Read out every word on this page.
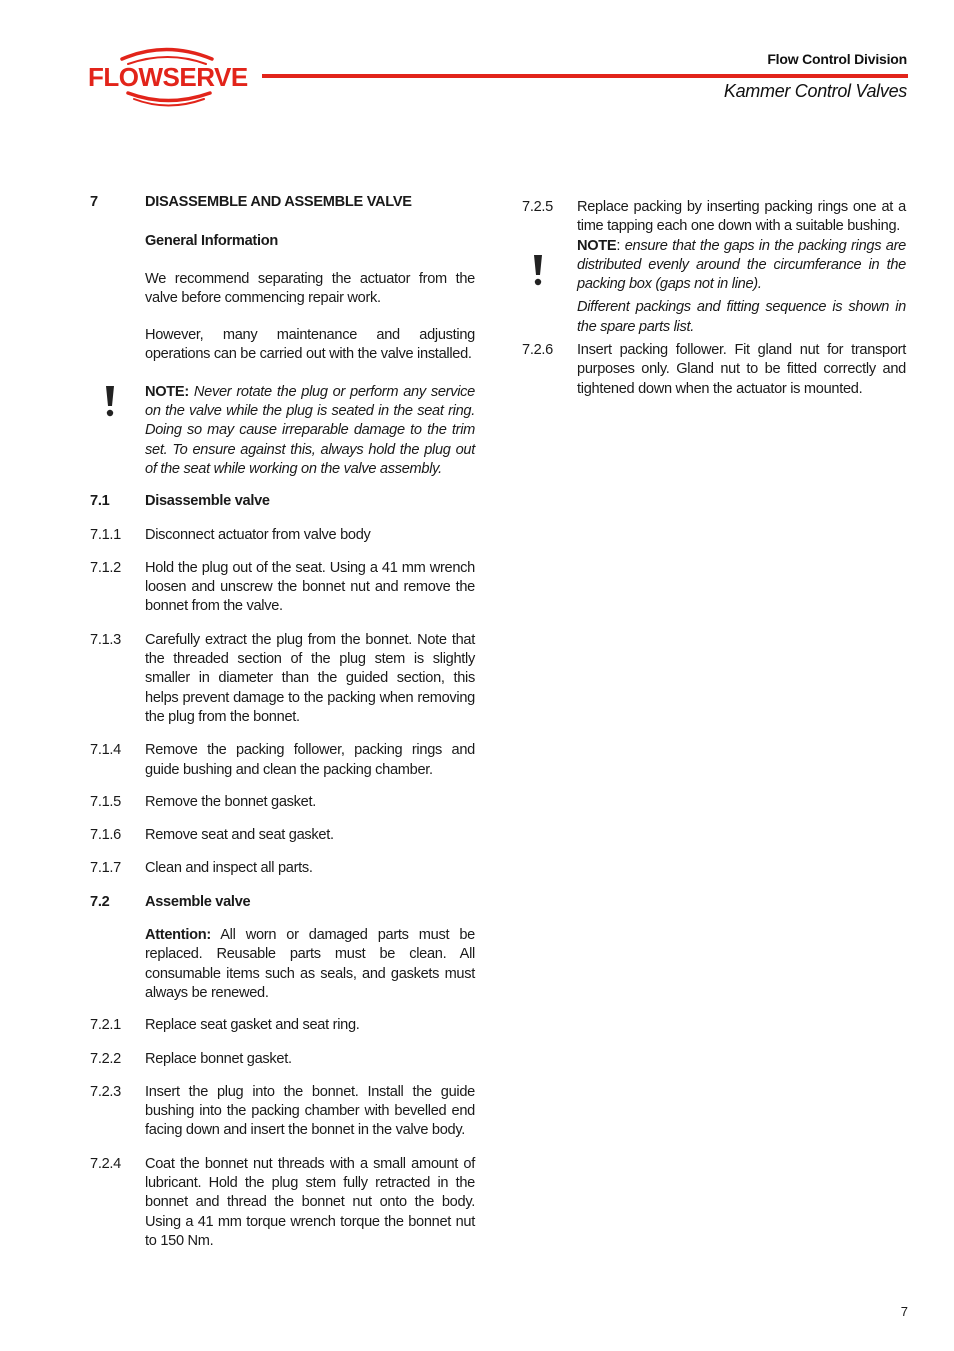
FLOWSERVE
Flow Control Division
Kammer Control Valves
7	DISASSEMBLE AND ASSEMBLE VALVE
General Information

We recommend separating the actuator from the valve before commencing repair work.

However, many maintenance and adjusting operations can be carried out with the valve installed.

NOTE: Never rotate the plug or perform any service on the valve while the plug is seated in the seat ring. Doing so may cause irreparable damage to the trim set. To ensure against this, always hold the plug out of the seat while working on the valve assembly.

7.1	Disassemble valve
7.1.1	Disconnect actuator from valve body

7.1.2	Hold the plug out of the seat. Using a 41 mm wrench loosen and unscrew the bonnet nut and remove the bonnet from the valve.

7.1.3	Carefully extract the plug from the bonnet. Note that the threaded section of the plug stem is slightly smaller in diameter than the guided section, this helps prevent damage to the packing when removing the plug from the bonnet.

7.1.4	Remove the packing follower, packing rings and guide bushing and clean the packing chamber.

7.1.5	Remove the bonnet gasket.

7.1.6	Remove seat and seat gasket.

7.1.7	Clean and inspect all parts.

7.2	Assemble valve

Attention: All worn or damaged parts must be replaced. Reusable parts must be clean. All consumable items such as seals, and gaskets must always be renewed.

7.2.1	Replace seat gasket and seat ring.

7.2.2	Replace bonnet gasket.

7.2.3	Insert the plug into the bonnet. Install the guide bushing into the packing chamber with bevelled end facing down and insert the bonnet in the valve body.

7.2.4	Coat the bonnet nut threads with a small amount of lubricant. Hold the plug stem fully retracted in the bonnet and thread the bonnet nut onto the body. Using a 41 mm torque wrench torque the bonnet nut to 150 Nm.

7.2.5	Replace packing by inserting packing rings one at a time tapping each one down with a suitable bushing.

NOTE: ensure that the gaps in the packing rings are distributed evenly around the circumferance in the packing box (gaps not in line).

Different packings and fitting sequence is shown in the spare parts list.

7.2.6	Insert packing follower. Fit gland nut for transport purposes only. Gland nut to be fitted correctly and tightened down when the actuator is mounted.

7
